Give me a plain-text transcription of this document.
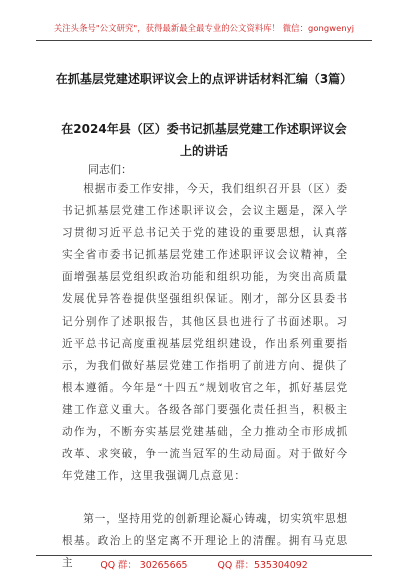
关注头条号"公文研究"，获得最新最全最专业的公文资料库！ 微信：gongwenyj
在抓基层党建述职评议会上的点评讲话材料汇编（3篇）
在2024年县（区）委书记抓基层党建工作述职评议会上的讲话
同志们：

根据市委工作安排，今天，我们组织召开县（区）委书记抓基层党建工作述职评议会，会议主题是，深入学习贯彻习近平总书记关于党的建设的重要思想，认真落实全省市委书记抓基层党建工作述职评议会议精神，全面增强基层党组织政治功能和组织功能，为突出高质量发展优异答卷提供坚强组织保证。刚才，部分区县委书记分别作了述职报告，其他区县也进行了书面述职。习近平总书记高度重视基层党组织建设，作出系列重要指示，为我们做好基层党建工作指明了前进方向、提供了根本遵循。今年是“十四五”规划收官之年，抓好基层党建工作意义重大。各级各部门要强化责任担当，积极主动作为，不断夯实基层党建基础，全力推动全市形成抓改革、求突破，争一流当冠军的生动局面。对于做好今年党建工作，这里我强调几点意见：

第一，坚持用党的创新理论凝心铸魂，切实筑牢思想根基。政治上的坚定离不开理论上的清醒。拥有马克思主	QQ 群： 30265665	QQ 群：535304092
